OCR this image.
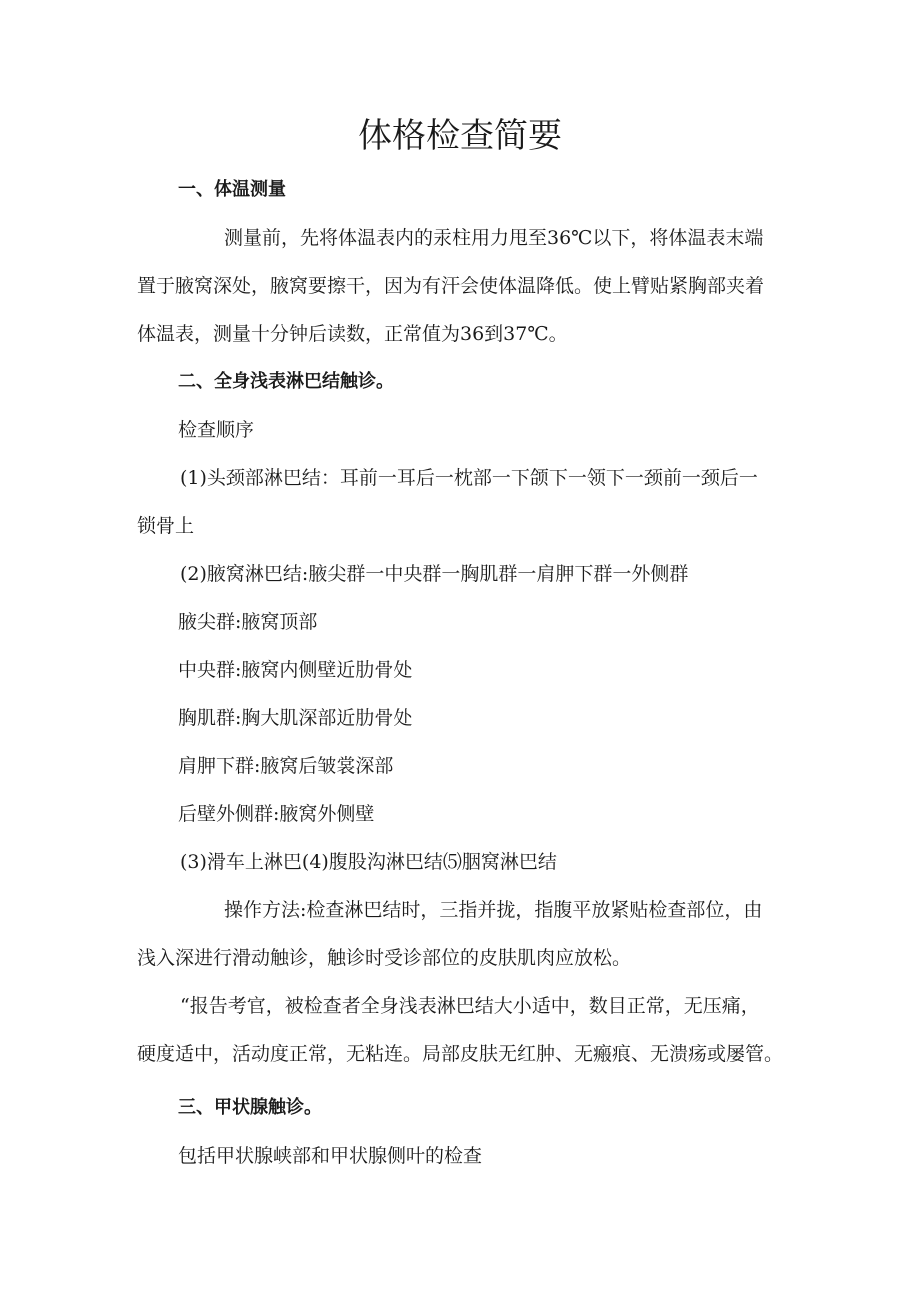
体格检查简要

一、体温测量

测量前，先将体温表内的汞柱用力甩至36℃以下，将体温表末端

置于腋窝深处，腋窝要擦干，因为有汗会使体温降低。使上臂贴紧胸部夹着

体温表，测量十分钟后读数，正常值为36到37℃。

二、全身浅表淋巴结触诊。

检查顺序

(1)头颈部淋巴结：耳前一耳后一枕部一下颌下一领下一颈前一颈后一

锁骨上

(2)腋窝淋巴结:腋尖群一中央群一胸肌群一肩胛下群一外侧群

腋尖群:腋窝顶部

中央群:腋窝内侧壁近肋骨处

胸肌群:胸大肌深部近肋骨处

肩胛下群:腋窝后皱裳深部

后壁外侧群:腋窝外侧壁

(3)滑车上淋巴(4)腹股沟淋巴结⑸胭窝淋巴结

操作方法:检查淋巴结时，三指并拢，指腹平放紧贴检查部位，由

浅入深进行滑动触诊，触诊时受诊部位的皮肤肌肉应放松。

“报告考官，被检查者全身浅表淋巴结大小适中，数目正常，无压痛，

硬度适中，活动度正常，无粘连。局部皮肤无红肿、无瘢痕、无溃疡或屡管。

三、甲状腺触诊。

包括甲状腺峡部和甲状腺侧叶的检查
